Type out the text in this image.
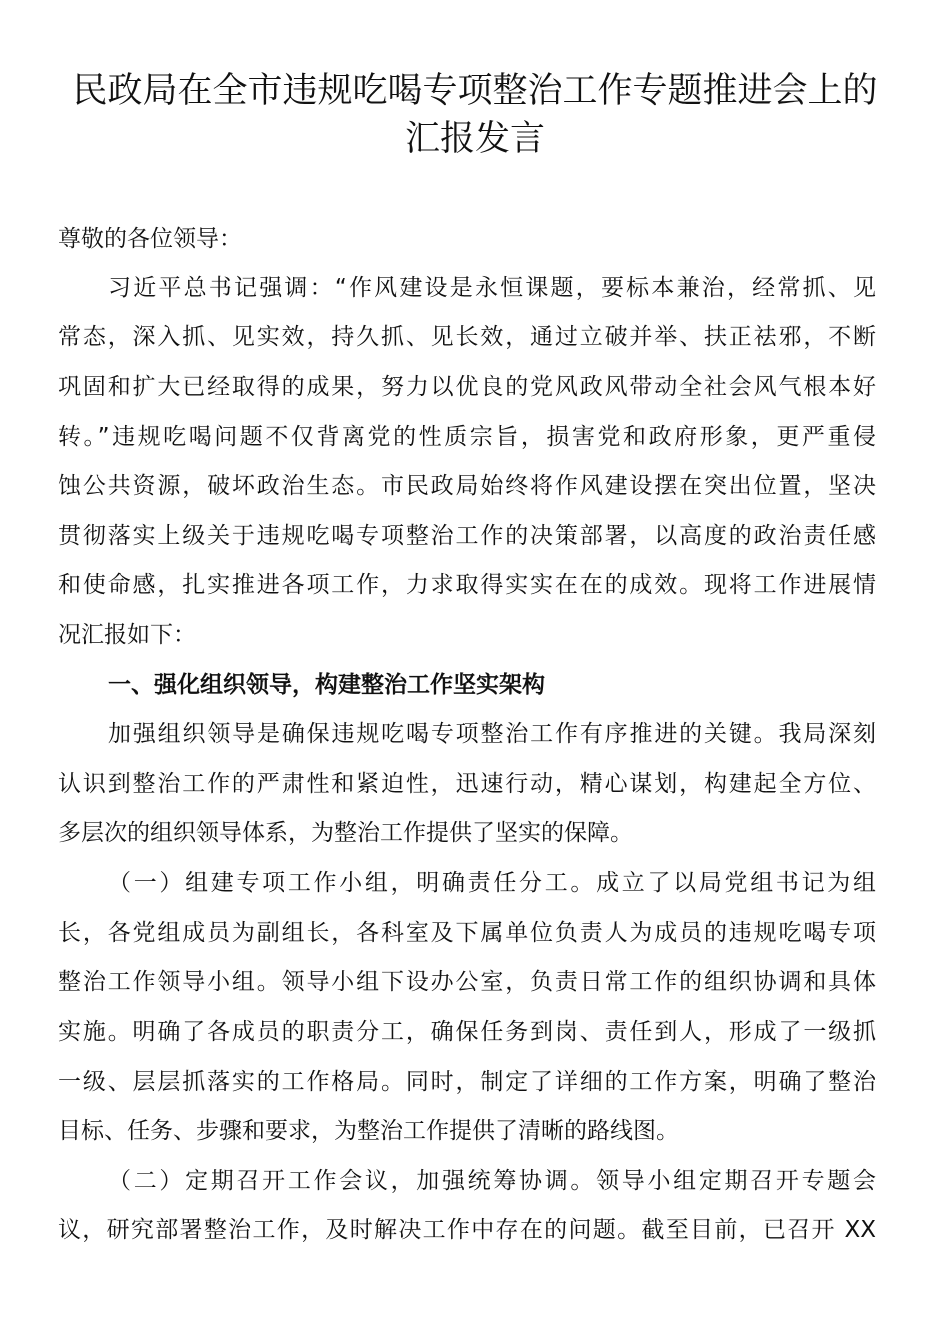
民政局在全市违规吃喝专项整治工作专题推进会上的
汇报发言
尊敬的各位领导：
习近平总书记强调：“作风建设是永恒课题，要标本兼治，经常抓、见
常态，深入抓、见实效，持久抓、见长效，通过立破并举、扶正祛邪，不断
巩固和扩大已经取得的成果，努力以优良的党风政风带动全社会风气根本好
转。”违规吃喝问题不仅背离党的性质宗旨，损害党和政府形象，更严重侵
蚀公共资源，破坏政治生态。市民政局始终将作风建设摆在突出位置，坚决
贯彻落实上级关于违规吃喝专项整治工作的决策部署，以高度的政治责任感
和使命感，扎实推进各项工作，力求取得实实在在的成效。现将工作进展情
况汇报如下：
一、强化组织领导，构建整治工作坚实架构
加强组织领导是确保违规吃喝专项整治工作有序推进的关键。我局深刻
认识到整治工作的严肃性和紧迫性，迅速行动，精心谋划，构建起全方位、
多层次的组织领导体系，为整治工作提供了坚实的保障。
（一）组建专项工作小组，明确责任分工。成立了以局党组书记为组
长，各党组成员为副组长，各科室及下属单位负责人为成员的违规吃喝专项
整治工作领导小组。领导小组下设办公室，负责日常工作的组织协调和具体
实施。明确了各成员的职责分工，确保任务到岗、责任到人，形成了一级抓
一级、层层抓落实的工作格局。同时，制定了详细的工作方案，明确了整治
目标、任务、步骤和要求，为整治工作提供了清晰的路线图。
（二）定期召开工作会议，加强统筹协调。领导小组定期召开专题会
议，研究部署整治工作，及时解决工作中存在的问题。截至目前，已召开 XX
